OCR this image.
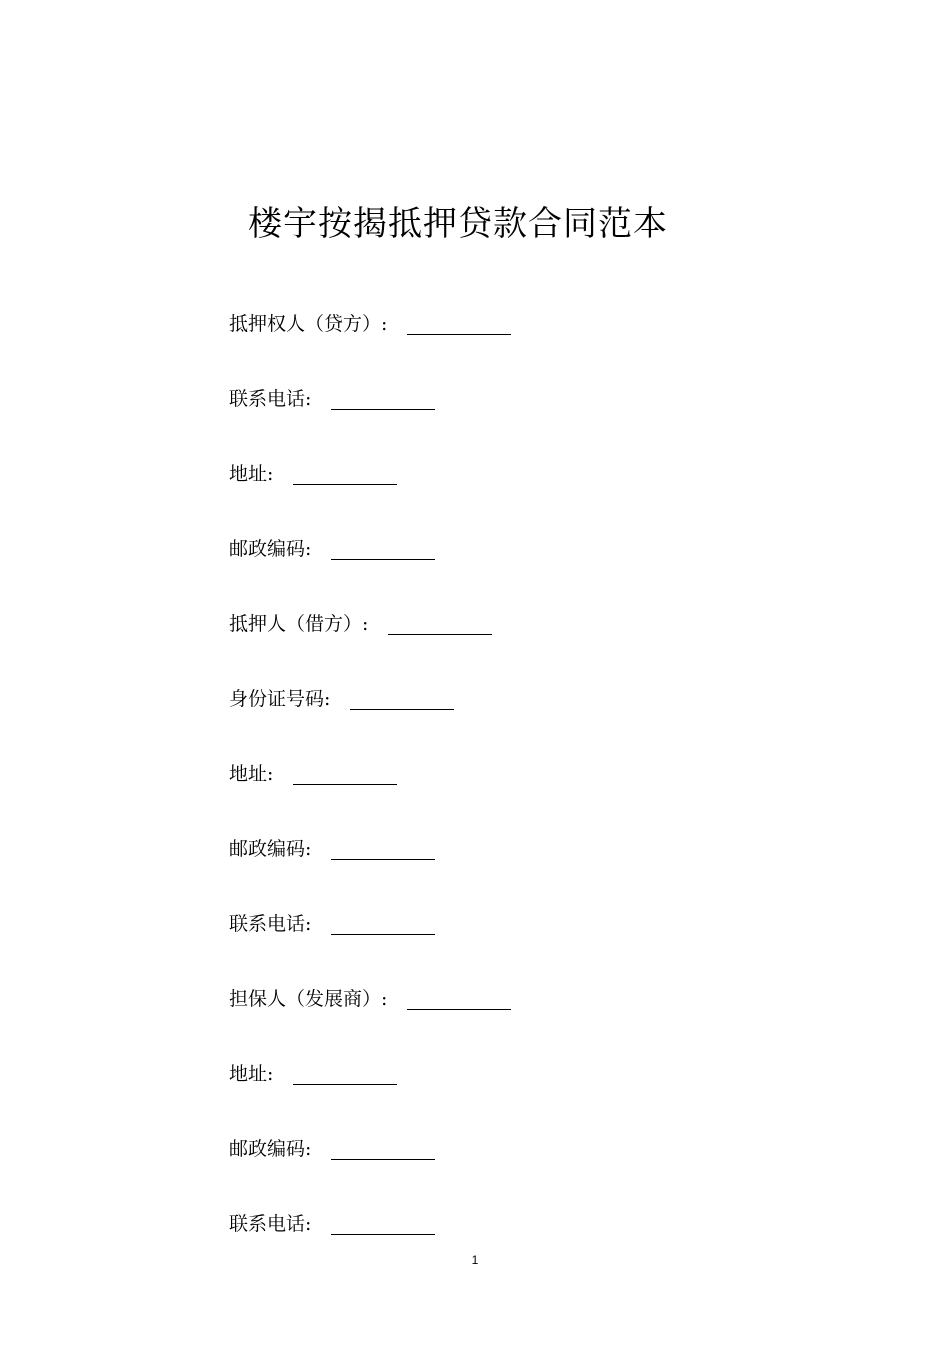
楼宇按揭抵押贷款合同范本
抵押权人（贷方）:
联系电话:
地址:
邮政编码:
抵押人（借方）:
身份证号码:
地址:
邮政编码:
联系电话:
担保人（发展商）:
地址:
邮政编码:
联系电话:
1
